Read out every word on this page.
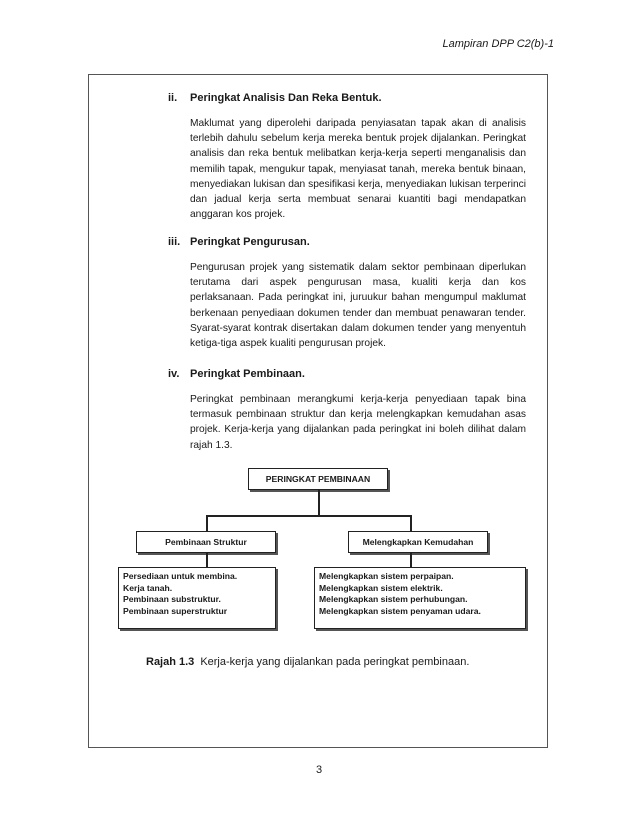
Lampiran DPP C2(b)-1
ii. Peringkat Analisis Dan Reka Bentuk.
Maklumat yang diperolehi daripada penyiasatan tapak akan di analisis terlebih dahulu sebelum kerja mereka bentuk projek dijalankan. Peringkat analisis dan reka bentuk melibatkan kerja-kerja seperti menganalisis dan memilih tapak, mengukur tapak, menyiasat tanah, mereka bentuk binaan, menyediakan lukisan dan spesifikasi kerja, menyediakan lukisan terperinci dan jadual kerja serta membuat senarai kuantiti bagi mendapatkan anggaran kos projek.
iii. Peringkat Pengurusan.
Pengurusan projek yang sistematik dalam sektor pembinaan diperlukan terutama dari aspek pengurusan masa, kualiti kerja dan kos perlaksanaan. Pada peringkat ini, juruukur bahan mengumpul maklumat berkenaan penyediaan dokumen tender dan membuat penawaran tender. Syarat-syarat kontrak disertakan dalam dokumen tender yang menyentuh ketiga-tiga aspek kualiti pengurusan projek.
iv. Peringkat Pembinaan.
Peringkat pembinaan merangkumi kerja-kerja penyediaan tapak bina termasuk pembinaan struktur dan kerja melengkapkan kemudahan asas projek. Kerja-kerja yang dijalankan pada peringkat ini boleh dilihat dalam rajah 1.3.
PERINGKAT PEMBINAAN
Pembinaan Struktur	Melengkapkan Kemudahan
Persediaan untuk membina.
Kerja tanah.
Pembinaan substruktur.
Pembinaan superstruktur
Melengkapkan sistem perpaipan.
Melengkapkan sistem elektrik.
Melengkapkan sistem perhubungan.
Melengkapkan sistem penyaman udara.
Rajah 1.3 Kerja-kerja yang dijalankan pada peringkat pembinaan.
3
